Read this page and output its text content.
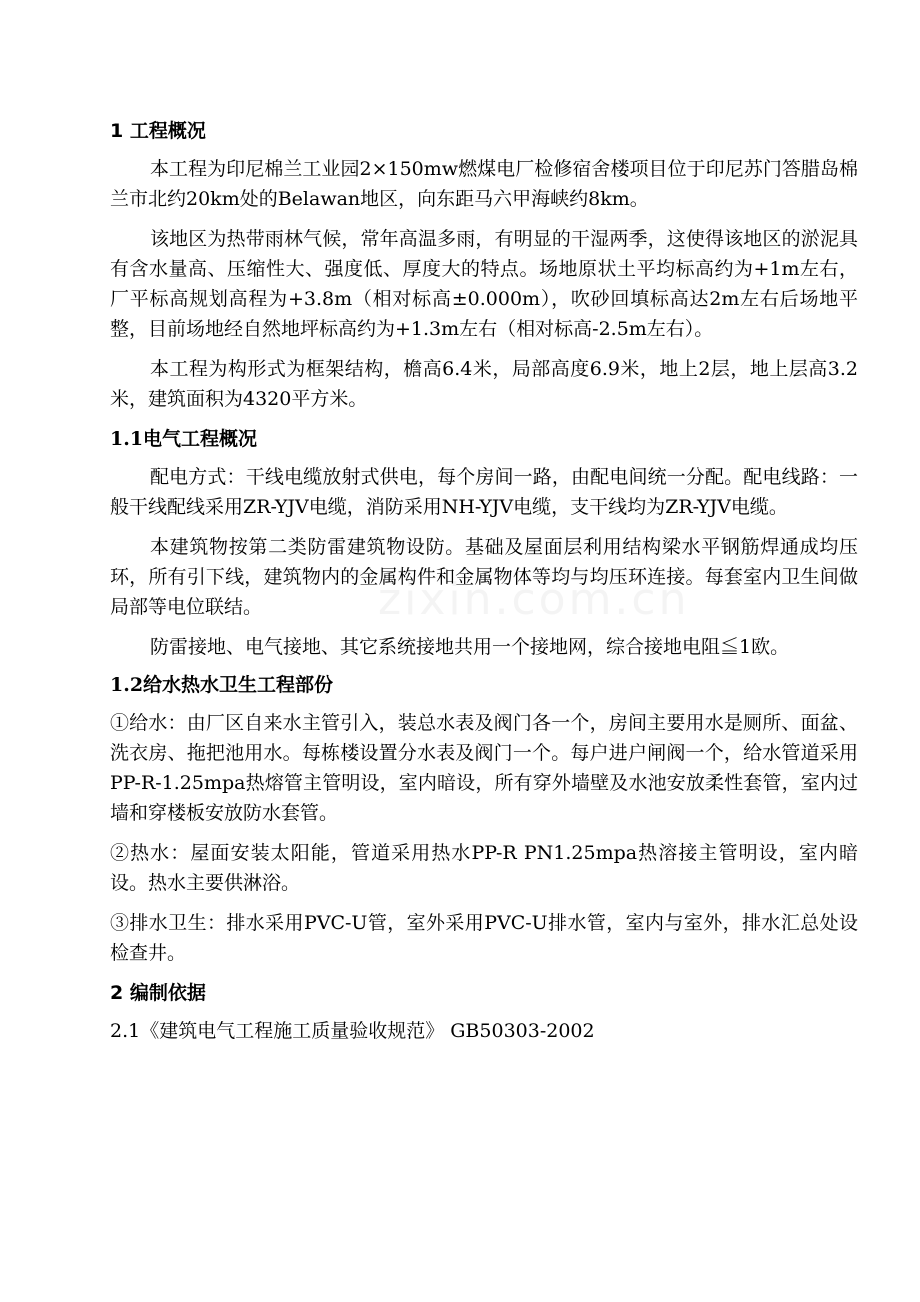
zixin.com.cn
1 工程概况

本工程为印尼棉兰工业园2×150mw燃煤电厂检修宿舍楼项目位于印尼苏门答腊岛棉兰市北约20km处的Belawan地区，向东距马六甲海峡约8km。

该地区为热带雨林气候，常年高温多雨，有明显的干湿两季，这使得该地区的淤泥具有含水量高、压缩性大、强度低、厚度大的特点。场地原状土平均标高约为+1m左右，厂平标高规划高程为+3.8m（相对标高±0.000m），吹砂回填标高达2m左右后场地平整，目前场地经自然地坪标高约为+1.3m左右（相对标高-2.5m左右）。

本工程为构形式为框架结构，檐高6.4米，局部高度6.9米，地上2层，地上层高3.2米，建筑面积为4320平方米。

1.1电气工程概况

配电方式：干线电缆放射式供电，每个房间一路，由配电间统一分配。配电线路：一般干线配线采用ZR-YJV电缆，消防采用NH-YJV电缆，支干线均为ZR-YJV电缆。

本建筑物按第二类防雷建筑物设防。基础及屋面层利用结构梁水平钢筋焊通成均压环，所有引下线，建筑物内的金属构件和金属物体等均与均压环连接。每套室内卫生间做局部等电位联结。

防雷接地、电气接地、其它系统接地共用一个接地网，综合接地电阻≦1欧。

1.2给水热水卫生工程部份

①给水：由厂区自来水主管引入，装总水表及阀门各一个，房间主要用水是厕所、面盆、洗衣房、拖把池用水。每栋楼设置分水表及阀门一个。每户进户闸阀一个，给水管道采用PP-R-1.25mpa热熔管主管明设，室内暗设，所有穿外墙壁及水池安放柔性套管，室内过墙和穿楼板安放防水套管。

②热水：屋面安装太阳能，管道采用热水PP-R PN1.25mpa热溶接主管明设，室内暗设。热水主要供淋浴。

③排水卫生：排水采用PVC-U管，室外采用PVC-U排水管，室内与室外，排水汇总处设检查井。

2 编制依据

2.1《建筑电气工程施工质量验收规范》 GB50303-2002
